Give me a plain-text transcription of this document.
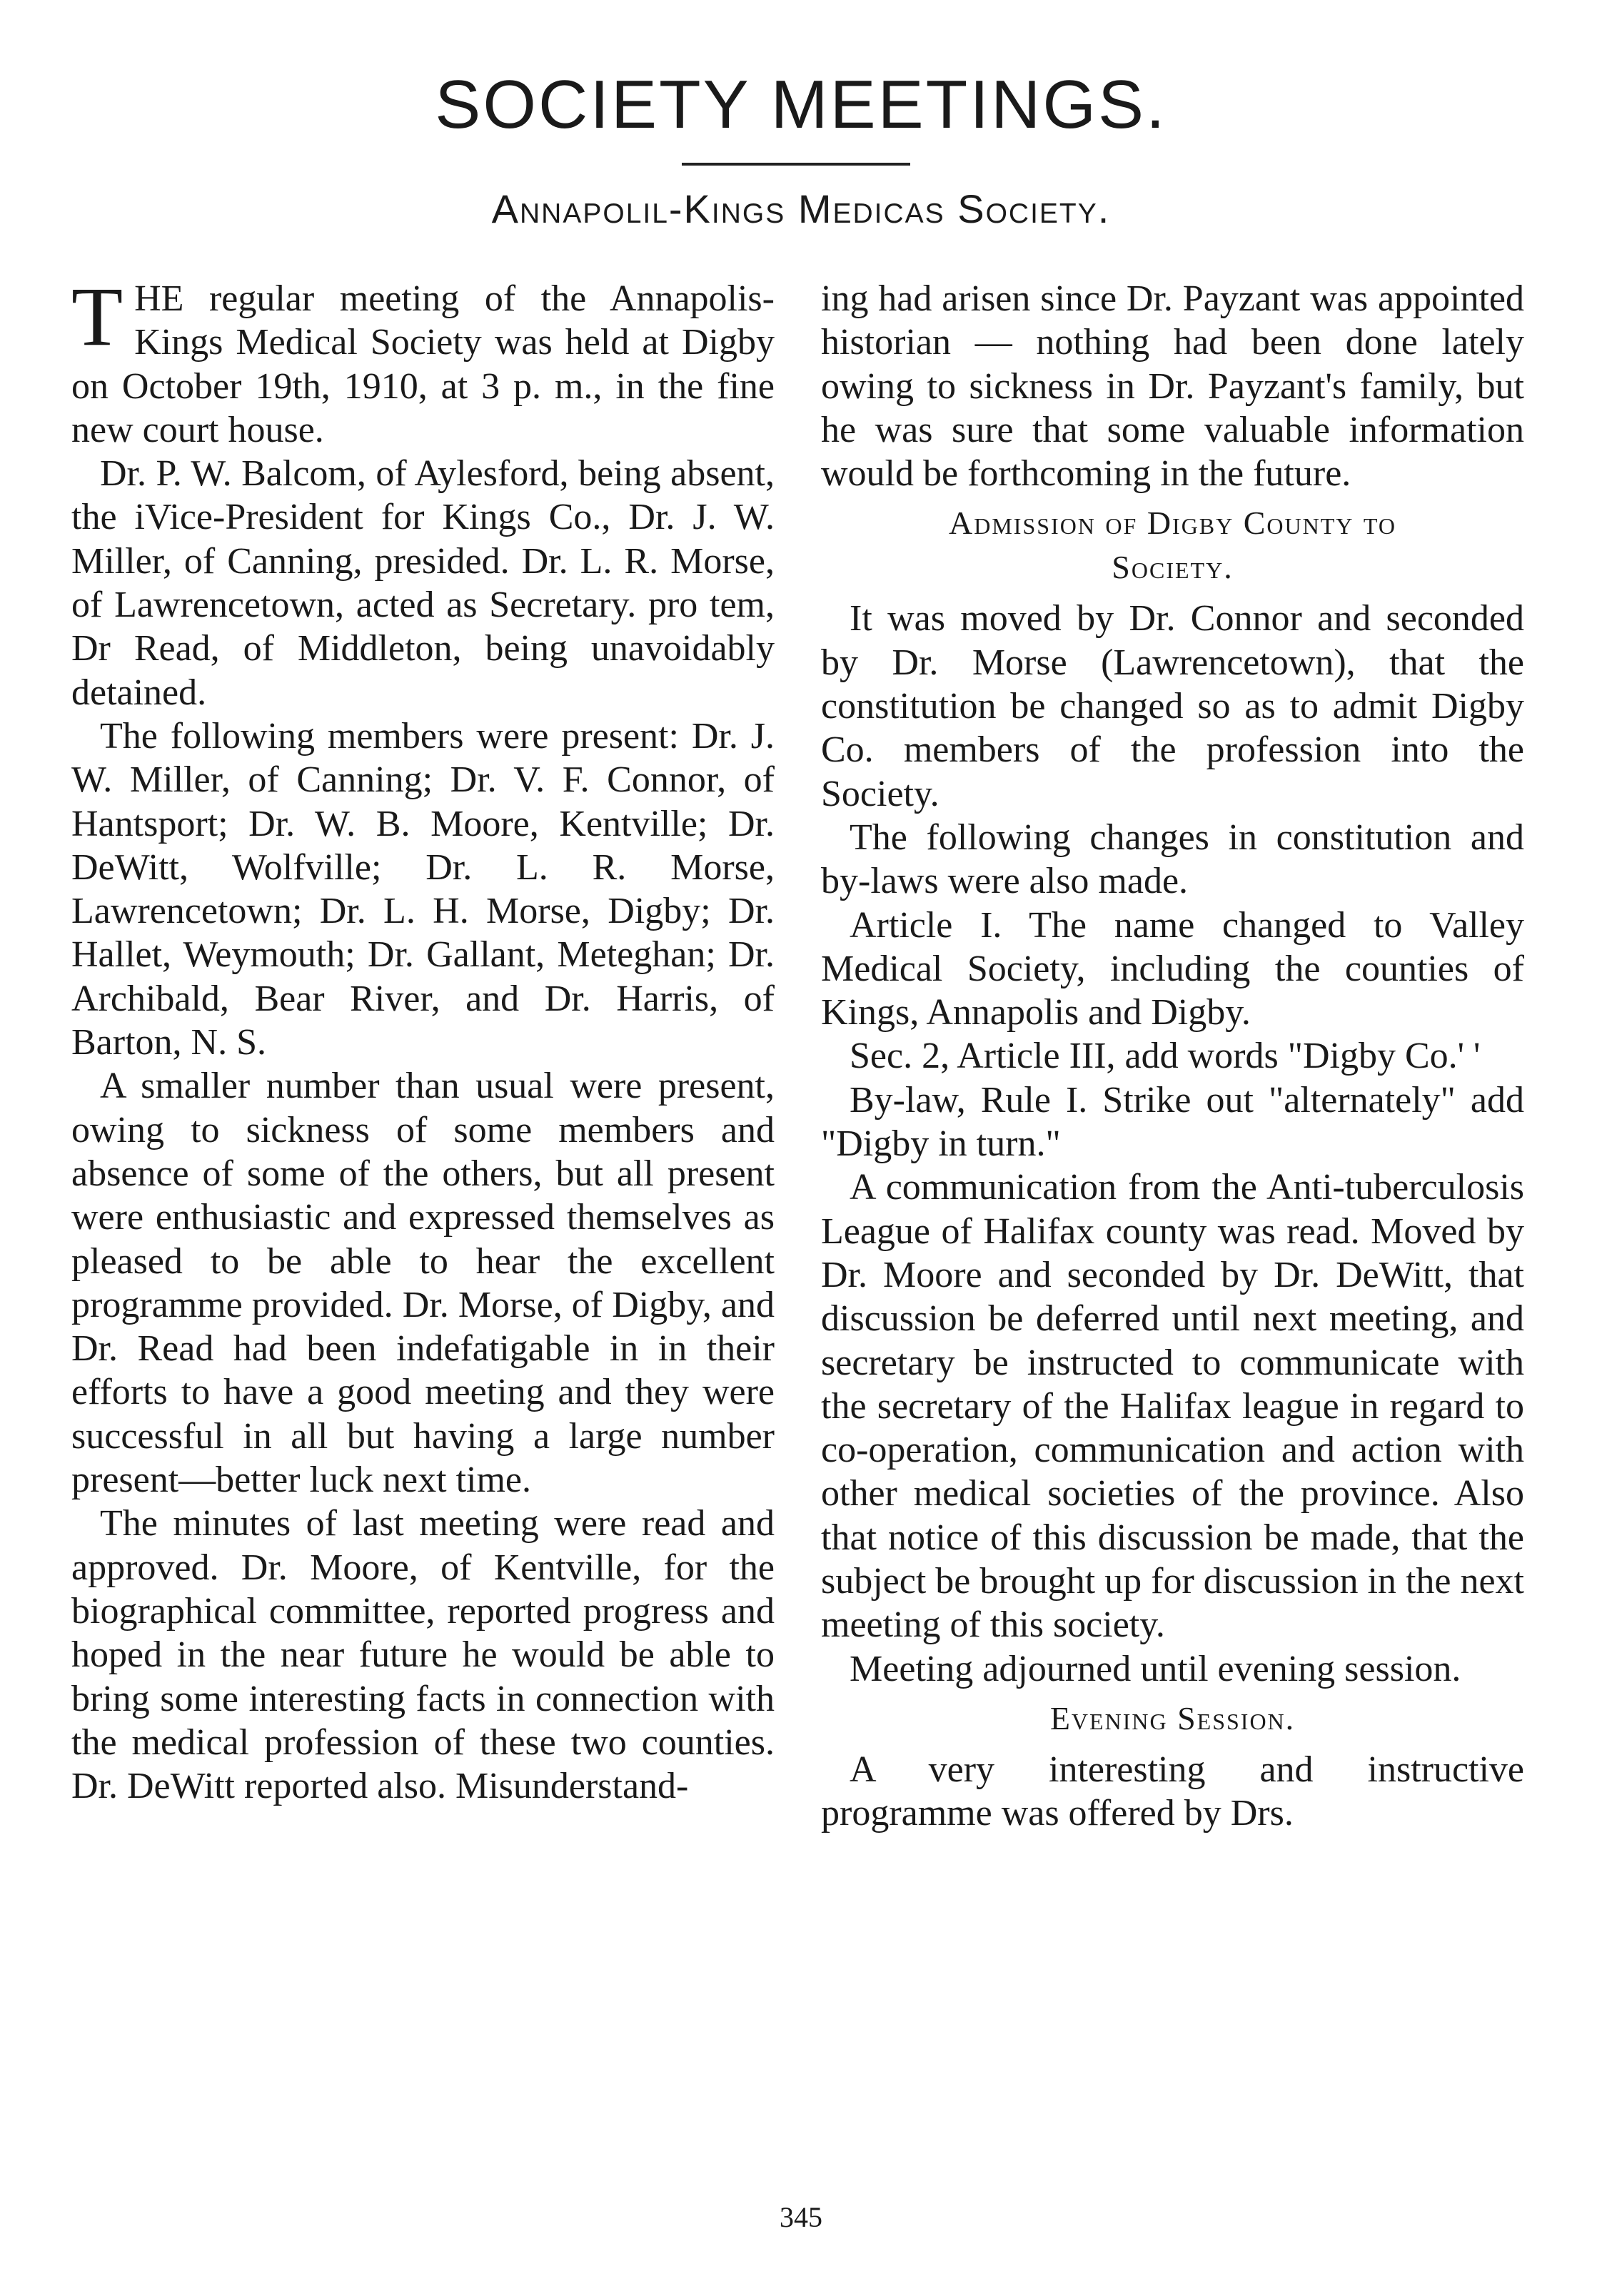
SOCIETY MEETINGS.
Annapolil-Kings Medicas Society.

THE regular meeting of the Annapolis-Kings Medical Society was held at Digby on October 19th, 1910, at 3 p. m., in the fine new court house.

Dr. P. W. Balcom, of Aylesford, being absent, the iVice-President for Kings Co., Dr. J. W. Miller, of Canning, presided. Dr. L. R. Morse, of Lawrencetown, acted as Secretary. pro tem, Dr Read, of Middleton, being unavoidably detained.

The following members were present: Dr. J. W. Miller, of Canning; Dr. V. F. Connor, of Hantsport; Dr. W. B. Moore, Kentville; Dr. DeWitt, Wolfville; Dr. L. R. Morse, Lawrencetown; Dr. L. H. Morse, Digby; Dr. Hallet, Weymouth; Dr. Gallant, Meteghan; Dr. Archibald, Bear River, and Dr. Harris, of Barton, N. S.

A smaller number than usual were present, owing to sickness of some members and absence of some of the others, but all present were enthusiastic and expressed themselves as pleased to be able to hear the excellent programme provided. Dr. Morse, of Digby, and Dr. Read had been indefatigable in in their efforts to have a good meeting and they were successful in all but having a large number present—better luck next time.

The minutes of last meeting were read and approved. Dr. Moore, of Kentville, for the biographical committee, reported progress and hoped in the near future he would be able to bring some interesting facts in connection with the medical profession of these two counties. Dr. DeWitt reported also. Misunderstand-

ing had arisen since Dr. Payzant was appointed historian — nothing had been done lately owing to sickness in Dr. Payzant's family, but he was sure that some valuable information would be forthcoming in the future.

Admission of Digby County to
Society.

It was moved by Dr. Connor and seconded by Dr. Morse (Lawrencetown), that the constitution be changed so as to admit Digby Co. members of the profession into the Society.

The following changes in constitution and by-laws were also made.

Article I. The name changed to Valley Medical Society, including the counties of Kings, Annapolis and Digby.

Sec. 2, Article III, add words "Digby Co.' '

By-law, Rule I. Strike out "alternately" add "Digby in turn."

A communication from the Anti-tuberculosis League of Halifax county was read. Moved by Dr. Moore and seconded by Dr. DeWitt, that discussion be deferred until next meeting, and secretary be instructed to communicate with the secretary of the Halifax league in regard to co-operation, communication and action with other medical societies of the province. Also that notice of this discussion be made, that the subject be brought up for discussion in the next meeting of this society.

Meeting adjourned until evening session.

Evening Session.

A very interesting and instructive programme was offered by Drs.

345
